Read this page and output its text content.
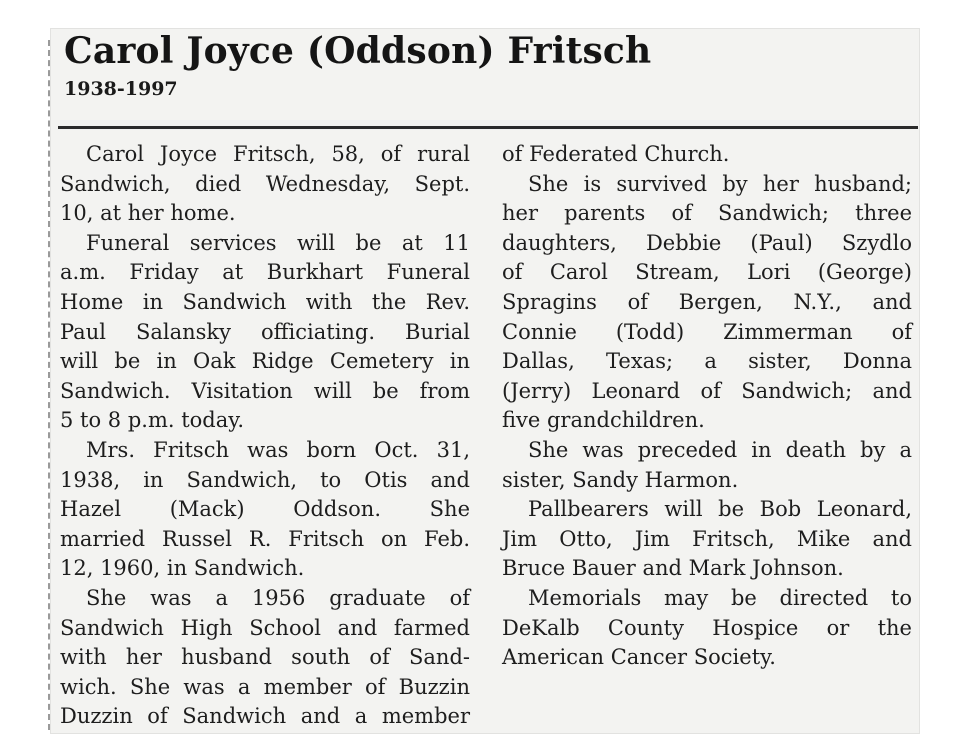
Carol Joyce (Oddson) Fritsch
1938-1997
Carol Joyce Fritsch, 58, of rural
Sandwich, died Wednesday, Sept.
10, at her home.
Funeral services will be at 11
a.m. Friday at Burkhart Funeral
Home in Sandwich with the Rev.
Paul Salansky officiating. Burial
will be in Oak Ridge Cemetery in
Sandwich. Visitation will be from
5 to 8 p.m. today.
Mrs. Fritsch was born Oct. 31,
1938, in Sandwich, to Otis and
Hazel (Mack) Oddson. She
married Russel R. Fritsch on Feb.
12, 1960, in Sandwich.
She was a 1956 graduate of
Sandwich High School and farmed
with her husband south of Sand-
wich. She was a member of Buzzin
Duzzin of Sandwich and a member
of Federated Church.
She is survived by her husband;
her parents of Sandwich; three
daughters, Debbie (Paul) Szydlo
of Carol Stream, Lori (George)
Spragins of Bergen, N.Y., and
Connie (Todd) Zimmerman of
Dallas, Texas; a sister, Donna
(Jerry) Leonard of Sandwich; and
five grandchildren.
She was preceded in death by a
sister, Sandy Harmon.
Pallbearers will be Bob Leonard,
Jim Otto, Jim Fritsch, Mike and
Bruce Bauer and Mark Johnson.
Memorials may be directed to
DeKalb County Hospice or the
American Cancer Society.
